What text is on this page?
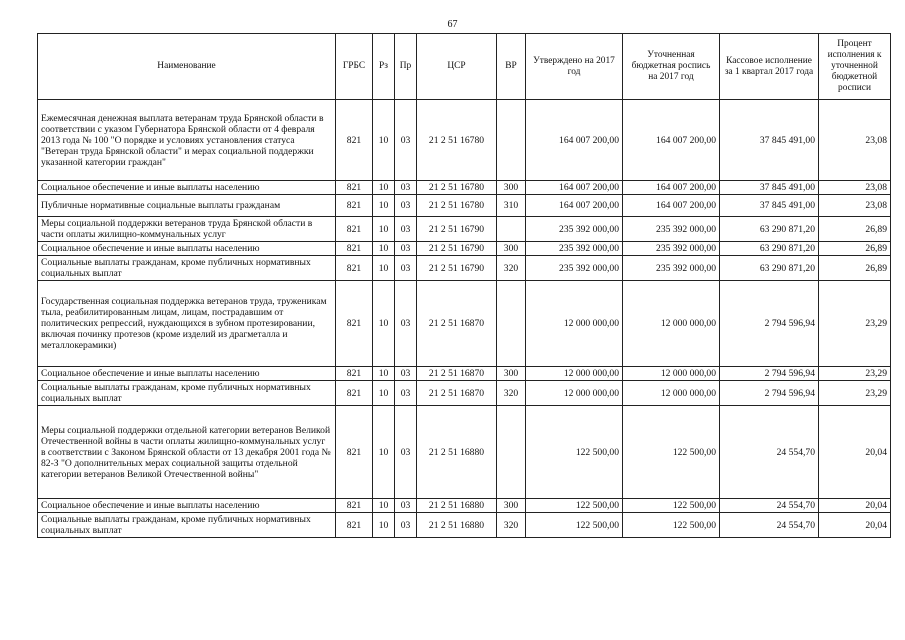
67
Наименование	ГРБС	Рз	Пр	ЦСР	ВР	Утверждено на 2017 год	Уточненная бюджетная роспись на 2017 год	Кассовое исполнение за 1 квартал 2017 года	Процент исполнения к уточненной бюджетной росписи
Ежемесячная денежная выплата ветеранам труда Брянской области в соответствии с указом Губернатора Брянской области от 4 февраля 2013 года № 100 "О порядке и условиях установления статуса "Ветеран труда Брянской области" и мерах социальной поддержки указанной категории граждан"	821	10	03	21 2 51 16780		164 007 200,00	164 007 200,00	37 845 491,00	23,08
Социальное обеспечение и иные выплаты населению	821	10	03	21 2 51 16780	300	164 007 200,00	164 007 200,00	37 845 491,00	23,08
Публичные нормативные социальные выплаты гражданам	821	10	03	21 2 51 16780	310	164 007 200,00	164 007 200,00	37 845 491,00	23,08
Меры социальной поддержки ветеранов труда Брянской области в части оплаты жилищно-коммунальных услуг	821	10	03	21 2 51 16790		235 392 000,00	235 392 000,00	63 290 871,20	26,89
Социальное обеспечение и иные выплаты населению	821	10	03	21 2 51 16790	300	235 392 000,00	235 392 000,00	63 290 871,20	26,89
Социальные выплаты гражданам, кроме публичных нормативных социальных выплат	821	10	03	21 2 51 16790	320	235 392 000,00	235 392 000,00	63 290 871,20	26,89
Государственная социальная поддержка ветеранов труда, труженикам тыла, реабилитированным лицам, лицам, пострадавшим от политических репрессий, нуждающихся в зубном протезировании, включая починку протезов (кроме изделий из драгметалла и металлокерамики)	821	10	03	21 2 51 16870		12 000 000,00	12 000 000,00	2 794 596,94	23,29
Социальное обеспечение и иные выплаты населению	821	10	03	21 2 51 16870	300	12 000 000,00	12 000 000,00	2 794 596,94	23,29
Социальные выплаты гражданам, кроме публичных нормативных социальных выплат	821	10	03	21 2 51 16870	320	12 000 000,00	12 000 000,00	2 794 596,94	23,29
Меры социальной поддержки отдельной категории ветеранов Великой Отечественной войны в части оплаты жилищно-коммунальных услуг в соответствии с Законом Брянской области от 13 декабря 2001 года № 82-З "О дополнительных мерах социальной защиты отдельной категории ветеранов Великой Отечественной войны"	821	10	03	21 2 51 16880		122 500,00	122 500,00	24 554,70	20,04
Социальное обеспечение и иные выплаты населению	821	10	03	21 2 51 16880	300	122 500,00	122 500,00	24 554,70	20,04
Социальные выплаты гражданам, кроме публичных нормативных социальных выплат	821	10	03	21 2 51 16880	320	122 500,00	122 500,00	24 554,70	20,04
